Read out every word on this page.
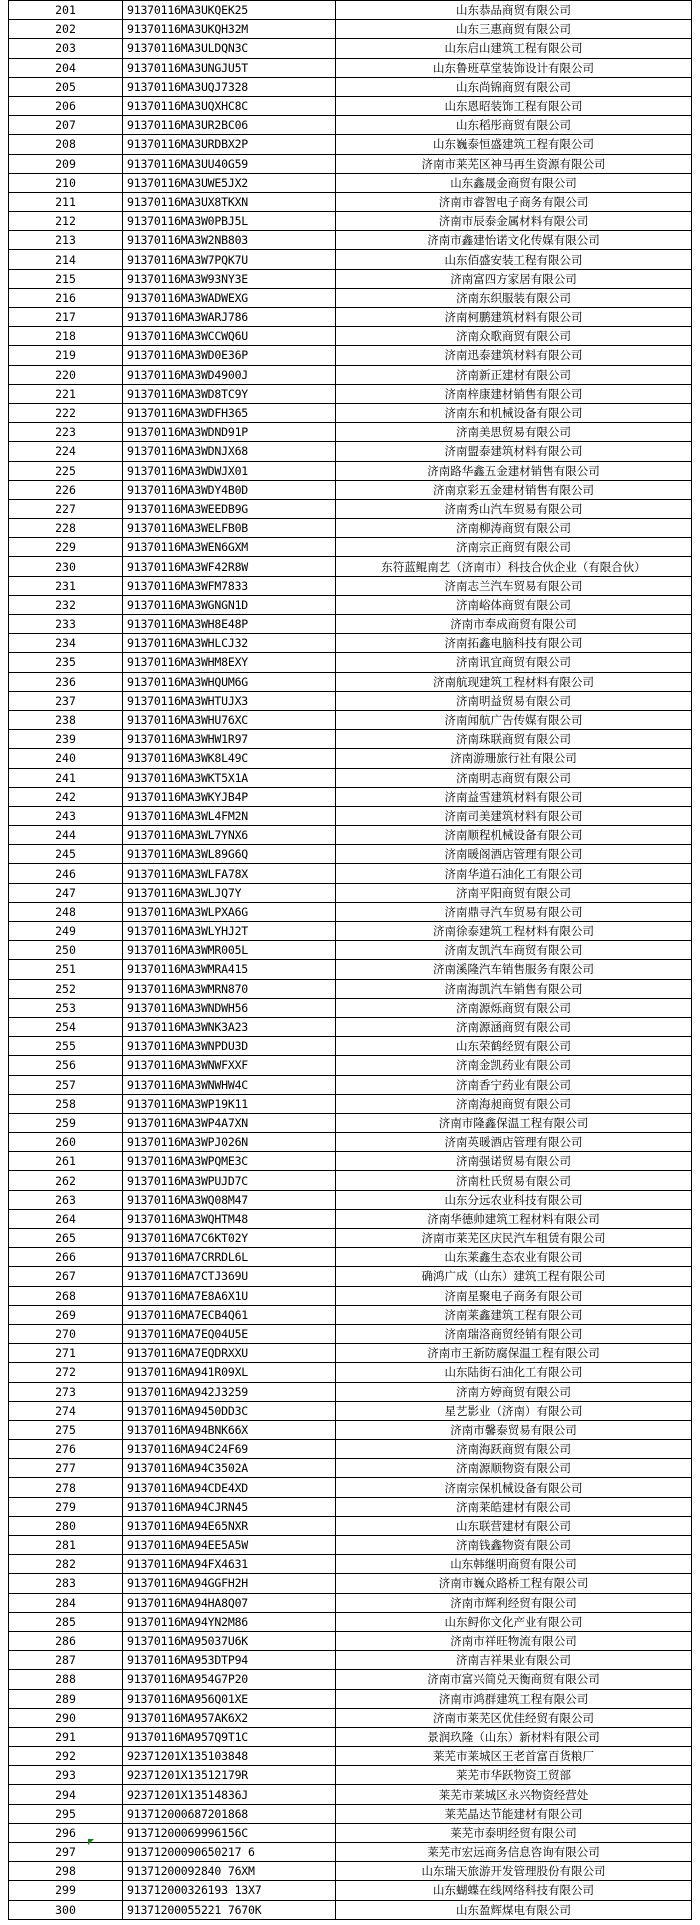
201	91370116MA3UKQEK25	山东恭品商贸有限公司
202	91370116MA3UKQH32M	山东三惠商贸有限公司
203	91370116MA3ULDQN3C	山东启山建筑工程有限公司
204	91370116MA3UNGJU5T	山东鲁班草堂装饰设计有限公司
205	91370116MA3UQJ7328	山东尚锦商贸有限公司
206	91370116MA3UQXHC8C	山东恩昭装饰工程有限公司
207	91370116MA3UR2BC06	山东稻彤商贸有限公司
208	91370116MA3URDBX2P	山东巍泰恒盛建筑工程有限公司
209	91370116MA3UU40G59	济南市莱芜区神马再生资源有限公司
210	91370116MA3UWE5JX2	山东鑫晟金商贸有限公司
211	91370116MA3UX8TKXN	济南市睿智电子商务有限公司
212	91370116MA3W0PBJ5L	济南市辰泰金属材料有限公司
213	91370116MA3W2NB803	济南市鑫建怡诺文化传媒有限公司
214	91370116MA3W7PQK7U	山东佰盛安装工程有限公司
215	91370116MA3W93NY3E	济南富四方家居有限公司
216	91370116MA3WADWEXG	济南东织服装有限公司
217	91370116MA3WARJ786	济南柯鹏建筑材料有限公司
218	91370116MA3WCCWQ6U	济南众歌商贸有限公司
219	91370116MA3WD0E36P	济南迅泰建筑材料有限公司
220	91370116MA3WD4900J	济南新正建材有限公司
221	91370116MA3WD8TC9Y	济南梓康建材销售有限公司
222	91370116MA3WDFH365	济南东和机械设备有限公司
223	91370116MA3WDND91P	济南美思贸易有限公司
224	91370116MA3WDNJX68	济南盟泰建筑材料有限公司
225	91370116MA3WDWJX01	济南路华鑫五金建材销售有限公司
226	91370116MA3WDY4B0D	济南京彩五金建材销售有限公司
227	91370116MA3WEEDB9G	济南秀山汽车贸易有限公司
228	91370116MA3WELFB0B	济南柳涛商贸有限公司
229	91370116MA3WEN6GXM	济南宗正商贸有限公司
230	91370116MA3WF42R8W	东符蓝鲲南艺（济南市）科技合伙企业（有限合伙）
231	91370116MA3WFM7833	济南志兰汽车贸易有限公司
232	91370116MA3WGNGN1D	济南峪体商贸有限公司
233	91370116MA3WH8E48P	济南市奉成商贸有限公司
234	91370116MA3WHLCJ32	济南拓鑫电脑科技有限公司
235	91370116MA3WHM8EXY	济南讯宜商贸有限公司
236	91370116MA3WHQUM6G	济南航现建筑工程材料有限公司
237	91370116MA3WHTUJX3	济南明益贸易有限公司
238	91370116MA3WHU76XC	济南闻航广告传媒有限公司
239	91370116MA3WHW1R97	济南珠联商贸有限公司
240	91370116MA3WK8L49C	济南游珊旅行社有限公司
241	91370116MA3WKT5X1A	济南明志商贸有限公司
242	91370116MA3WKYJB4P	济南益雪建筑材料有限公司
243	91370116MA3WL4FM2N	济南司美建筑材料有限公司
244	91370116MA3WL7YNX6	济南顺程机械设备有限公司
245	91370116MA3WL89G6Q	济南暖阁酒店管理有限公司
246	91370116MA3WLFA78X	济南华道石油化工有限公司
247	91370116MA3WLJQ7Y	济南平阳商贸有限公司
248	91370116MA3WLPXA6G	济南鼎寻汽车贸易有限公司
249	91370116MA3WLYHJ2T	济南徐泰建筑工程材料有限公司
250	91370116MA3WMR005L	济南友凯汽车商贸有限公司
251	91370116MA3WMRA415	济南溪隆汽车销售服务有限公司
252	91370116MA3WMRN870	济南海凯汽车销售有限公司
253	91370116MA3WNDWH56	济南源烁商贸有限公司
254	91370116MA3WNK3A23	济南源涵商贸有限公司
255	91370116MA3WNPDU3D	山东荣鹤经贸有限公司
256	91370116MA3WNWFXXF	济南金凯药业有限公司
257	91370116MA3WNWHW4C	济南香宁药业有限公司
258	91370116MA3WP19K11	济南海昶商贸有限公司
259	91370116MA3WP4A7XN	济南市隆鑫保温工程有限公司
260	91370116MA3WPJ026N	济南英暖酒店管理有限公司
261	91370116MA3WPQME3C	济南强诺贸易有限公司
262	91370116MA3WPUJD7C	济南杜氏贸易有限公司
263	91370116MA3WQ08M47	山东分远农业科技有限公司
264	91370116MA3WQHTM48	济南华德帅建筑工程材料有限公司
265	91370116MA7C6KT02Y	济南市莱芜区庆民汽车租赁有限公司
266	91370116MA7CRRDL6L	山东莱鑫生态农业有限公司
267	91370116MA7CTJ369U	确鸿广成（山东）建筑工程有限公司
268	91370116MA7E8A6X1U	济南星聚电子商务有限公司
269	91370116MA7ECB4Q61	济南莱鑫建筑工程有限公司
270	91370116MA7EQ04U5E	济南瑞洛商贸经销有限公司
271	91370116MA7EQDRXXU	济南市王新防腐保温工程有限公司
272	91370116MA941R09XL	山东陆街石油化工有限公司
273	91370116MA942J3259	济南方婷商贸有限公司
274	91370116MA9450DD3C	星艺影业（济南）有限公司
275	91370116MA94BNK66X	济南市馨泰贸易有限公司
276	91370116MA94C24F69	济南海跃商贸有限公司
277	91370116MA94C3502A	济南源顺物资有限公司
278	91370116MA94CDE4XD	济南宗保机械设备有限公司
279	91370116MA94CJRN45	济南莱皓建材有限公司
280	91370116MA94E65NXR	山东联营建材有限公司
281	91370116MA94EE5A5W	济南钱鑫物资有限公司
282	91370116MA94FX4631	山东韩继明商贸有限公司
283	91370116MA94GGFH2H	济南市巍众路桥工程有限公司
284	91370116MA94HA8Q07	济南市辉利经贸有限公司
285	91370116MA94YN2M86	山东鲟你文化产业有限公司
286	91370116MA95037U6K	济南市祥旺物流有限公司
287	91370116MA953DTP94	济南吉祥果业有限公司
288	91370116MA954G7P20	济南市富兴简兑天衡商贸有限公司
289	91370116MA956Q01XE	济南市鸿群建筑工程有限公司
290	91370116MA957AK6X2	济南市莱芜区优佳经贸有限公司
291	91370116MA957Q9T1C	景润玖隆（山东）新材料有限公司
292	92371201X135103848	莱芜市莱城区王老首富百货粮厂
293	92371201X13512179R	莱芜市华跃物资工贸部
294	92371201X13514836J	莱芜市莱城区永兴物资经营处
295	913712000687201868	莱芜晶达节能建材有限公司
296	91371200069996156C	莱芜市泰明经贸有限公司
297	91371200090650217 6	莱芜市宏远商务信息咨询有限公司
298	91371200092840 76XM	山东瑞天旅游开发管理股份有限公司
299	913712000326193 13X7	山东蝴蝶在线网络科技有限公司
300	91371200055221 7670K	山东盈辉煤电有限公司
